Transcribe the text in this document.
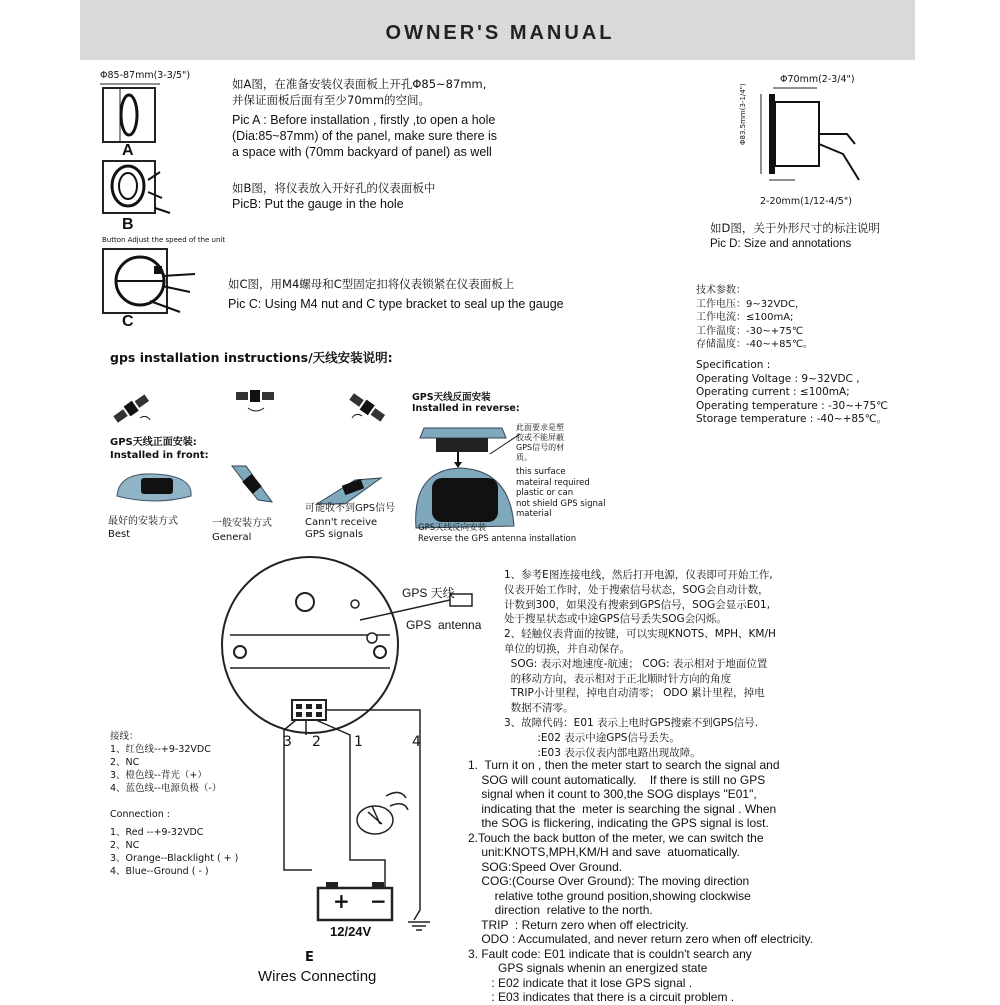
OWNER'S MANUAL
Φ85-87mm(3-3/5")
A
如A图，在准备安装仪表面板上开孔Φ85~87mm,
并保证面板后面有至少70mm的空间。
Pic A : Before installation , firstly ,to open a hole
(Dia:85~87mm) of the panel, make sure there is
a space with (70mm backyard of panel) as well
B
如B图，将仪表放入开好孔的仪表面板中
PicB: Put the gauge in the hole
Button Adjust the speed of the unit
C
如C图，用M4螺母和C型固定扣将仪表锁紧在仪表面板上
Pic C: Using M4 nut and C type bracket to seal up the gauge
Φ70mm(2-3/4")
Φ83.5mm(3-1/4")
2-20mm(1/12-4/5")
如D图，关于外形尺寸的标注说明
Pic D: Size and annotations
技术参数：
工作电压：9~32VDC，
工作电流：≤100mA;
工作温度：-30~+75℃
存储温度：-40~+85℃。
Specification :
Operating Voltage : 9~32VDC ,
Operating current : ≤100mA;
Operating temperature : -30~+75℃
Storage temperature : -40~+85℃。
gps installation instructions/天线安装说明:
GPS天线正面安装:
Installed in front:
最好的安装方式
Best
一般安装方式
General
可能收不到GPS信号
Cann't receive
GPS signals
GPS天线反面安装
Installed in reverse:
此面要求是塑
胶或不能屏蔽
GPS信号的材
质。
this surface
mateiral required
plastic or can
not shield GPS signal
material
GPS天线反向安装
Reverse the GPS antenna installation
GPS 天线
GPS  antenna
3 2 1	4
+ −
12/24V
E
Wires Connecting
接线：
1、红色线--+9-32VDC
2、NC
3、橙色线--背光（+）
4、蓝色线--电源负极（-）
Connection :
1、Red --+9-32VDC
2、NC
3、Orange--Blacklight ( + )
4、Blue--Ground ( - )
1、参考E图连接电线，然后打开电源，仪表即可开始工作,
仪表开始工作时，处于搜索信号状态，SOG会自动计数，
计数到300，如果没有搜索到GPS信号，SOG会显示E01,
处于搜星状态或中途GPS信号丢失SOG会闪烁。
2、轻触仪表背面的按键，可以实现KNOTS、MPH、KM/H
单位的切换，并自动保存。
SOG: 表示对地速度-航速； COG: 表示相对于地面位置
的移动方向，表示相对于正北顺时针方向的角度
TRIP小计里程，掉电自动清零； ODO 累计里程，掉电
数据不清零。
3、故障代码：E01 表示上电时GPS搜索不到GPS信号.
:E02 表示中途GPS信号丢失。
:E03 表示仪表内部电路出现故障。
1.  Turn it on , then the meter start to search the signal and
SOG will count automatically.    If there is still no GPS
signal when it count to 300,the SOG displays "E01",
indicating that the  meter is searching the signal . When
the SOG is flickering, indicating the GPS signal is lost.
2.Touch the back button of the meter, we can switch the
unit:KNOTS,MPH,KM/H and save  atuomatically.
SOG:Speed Over Ground.
COG:(Course Over Ground): The moving direction
relative tothe ground position,showing clockwise
direction  relative to the north.
TRIP  : Return zero when off electricity.
ODO : Accumulated, and never return zero when off electricity.
3. Fault code: E01 indicate that is couldn't search any
GPS signals whenin an energized state
: E02 indicate that it lose GPS signal .
: E03 indicates that there is a circuit problem .
